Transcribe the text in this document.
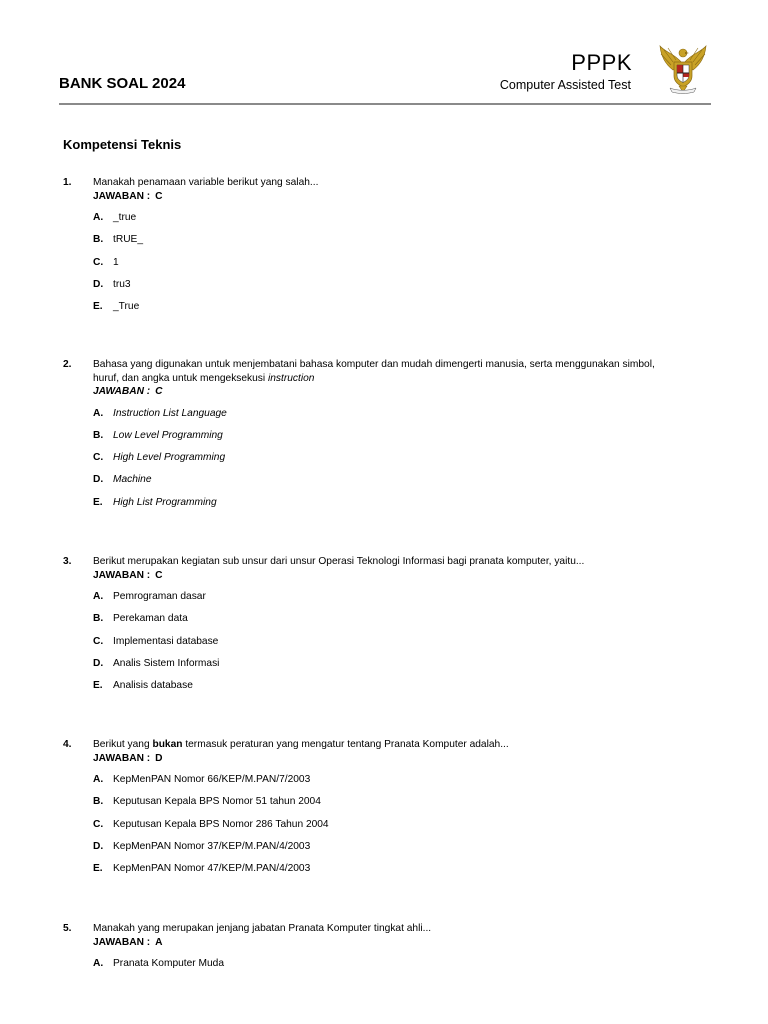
BANK SOAL 2024
PPPK
Computer Assisted Test
Kompetensi Teknis
1. Manakah penamaan variable berikut yang salah...
JAWABAN : C
A. _true
B. tRUE_
C. 1
D. tru3
E. _True
2. Bahasa yang digunakan untuk menjembatani bahasa komputer dan mudah dimengerti manusia, serta menggunakan simbol,
huruf, dan angka untuk mengeksekusi instruction
JAWABAN : C
A. Instruction List Language
B. Low Level Programming
C. High Level Programming
D. Machine
E. High List Programming
3. Berikut merupakan kegiatan sub unsur dari unsur Operasi Teknologi Informasi bagi pranata komputer, yaitu...
JAWABAN : C
A. Pemrograman dasar
B. Perekaman data
C. Implementasi database
D. Analis Sistem Informasi
E. Analisis database
4. Berikut yang bukan termasuk peraturan yang mengatur tentang Pranata Komputer adalah...
JAWABAN : D
A. KepMenPAN Nomor 66/KEP/M.PAN/7/2003
B. Keputusan Kepala BPS Nomor 51 tahun 2004
C. Keputusan Kepala BPS Nomor 286 Tahun 2004
D. KepMenPAN Nomor 37/KEP/M.PAN/4/2003
E. KepMenPAN Nomor 47/KEP/M.PAN/4/2003
5. Manakah yang merupakan jenjang jabatan Pranata Komputer tingkat ahli...
JAWABAN : A
A. Pranata Komputer Muda
